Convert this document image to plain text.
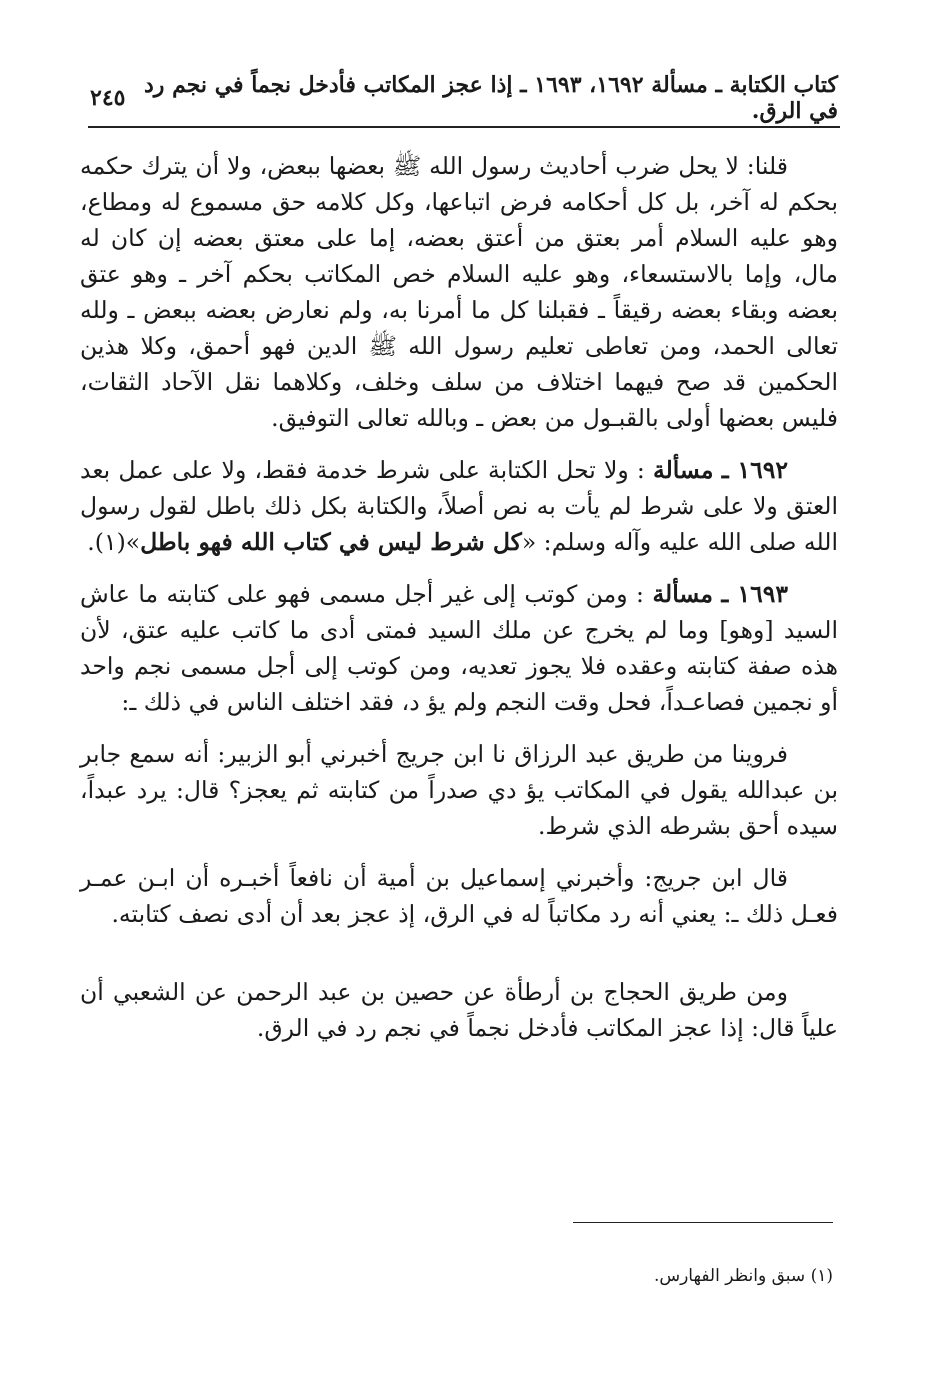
كتاب الكتابة ـ مسألة ١٦٩٢، ١٦٩٣ ـ إذا عجز المكاتب فأدخل نجماً في نجم رد في الرق.
٢٤٥

قلنا: لا يحل ضرب أحاديث رسول الله ﷺ بعضها ببعض، ولا أن يترك حكمه بحكم له آخر، بل كل أحكامه فرض اتباعها، وكل كلامه حق مسموع له ومطاع، وهو عليه السلام أمر بعتق من أعتق بعضه، إما على معتق بعضه إن كان له مال، وإما بالاستسعاء، وهو عليه السلام خص المكاتب بحكم آخر ـ وهو عتق بعضه وبقاء بعضه رقيقاً ـ فقبلنا كل ما أمرنا به، ولم نعارض بعضه ببعض ـ ولله تعالى الحمد، ومن تعاطى تعليم رسول الله ﷺ الدين فهو أحمق، وكلا هذين الحكمين قد صح فيهما اختلاف من سلف وخلف، وكلاهما نقل الآحاد الثقات، فليس بعضها أولى بالقبـول من بعض ـ وبالله تعالى التوفيق.

١٦٩٢ ـ مسألة : ولا تحل الكتابة على شرط خدمة فقط، ولا على عمل بعد العتق ولا على شرط لم يأت به نص أصلاً، والكتابة بكل ذلك باطل لقول رسول الله صلى الله عليه وآله وسلم: «كل شرط ليس في كتاب الله فهو باطل»(١).

١٦٩٣ ـ مسألة : ومن كوتب إلى غير أجل مسمى فهو على كتابته ما عاش السيد [وهو] وما لم يخرج عن ملك السيد فمتى أدى ما كاتب عليه عتق، لأن هذه صفة كتابته وعقده فلا يجوز تعديه، ومن كوتب إلى أجل مسمى نجم واحد أو نجمين فصاعـداً، فحل وقت النجم ولم يؤ د، فقد اختلف الناس في ذلك ـ:

فروينا من طريق عبد الرزاق نا ابن جريج أخبرني أبو الزبير: أنه سمع جابر بن عبدالله يقول في المكاتب يؤ دي صدراً من كتابته ثم يعجز؟ قال: يرد عبداً، سيده أحق بشرطه الذي شرط.

قال ابن جريج: وأخبرني إسماعيل بن أمية أن نافعاً أخبـره أن ابـن عمـر فعـل ذلك ـ: يعني أنه رد مكاتباً له في الرق، إذ عجز بعد أن أدى نصف كتابته.

ومن طريق الحجاج بن أرطأة عن حصين بن عبد الرحمن عن الشعبي أن علياً قال: إذا عجز المكاتب فأدخل نجماً في نجم رد في الرق.

(١) سبق وانظر الفهارس.
